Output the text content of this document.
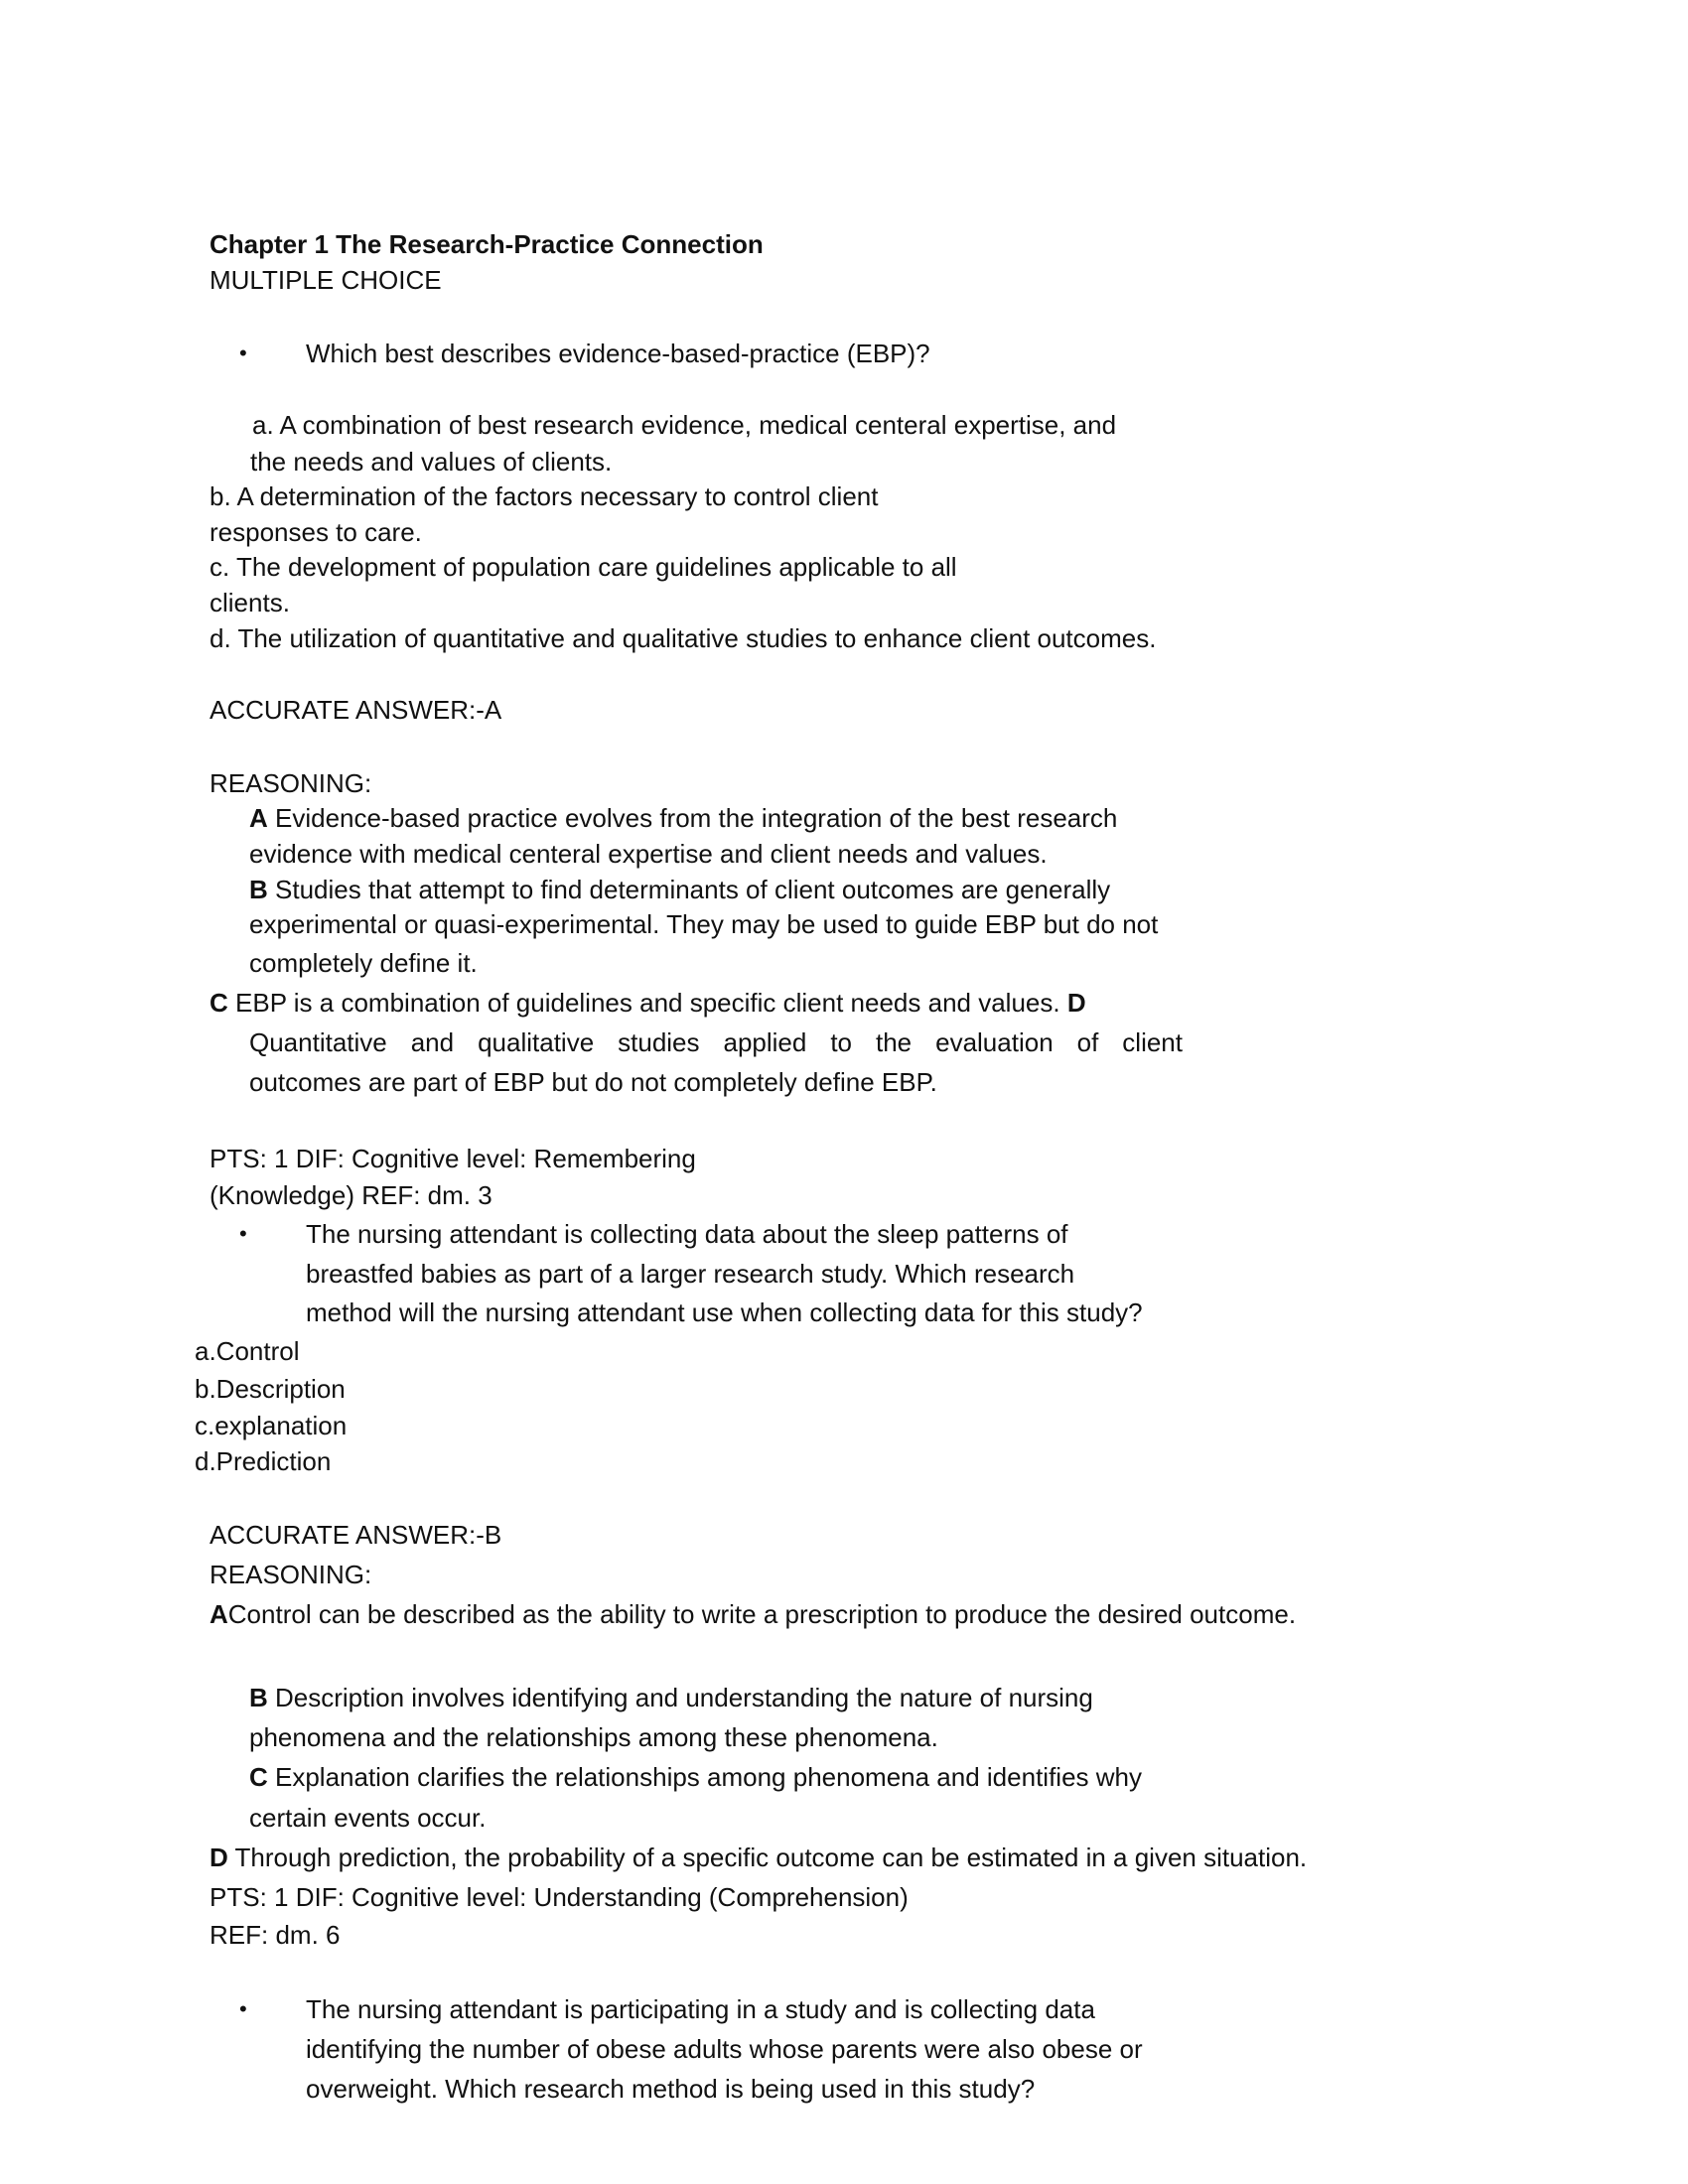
Chapter 1 The Research-Practice Connection
MULTIPLE CHOICE
• Which best describes evidence-based-practice (EBP)?
a. A combination of best research evidence, medical centeral expertise, and
the needs and values of clients.
b. A determination of the factors necessary to control client
responses to care.
c. The development of population care guidelines applicable to all
clients.
d. The utilization of quantitative and qualitative studies to enhance client outcomes.
ACCURATE ANSWER:-A
REASONING:
A Evidence-based practice evolves from the integration of the best research
evidence with medical centeral expertise and client needs and values.
B Studies that attempt to find determinants of client outcomes are generally
experimental or quasi-experimental. They may be used to guide EBP but do not
completely define it.
C EBP is a combination of guidelines and specific client needs and values. D
Quantitative and qualitative studies applied to the evaluation of client
outcomes are part of EBP but do not completely define EBP.
PTS: 1 DIF: Cognitive level: Remembering
(Knowledge) REF: dm. 3
• The nursing attendant is collecting data about the sleep patterns of
breastfed babies as part of a larger research study. Which research
method will the nursing attendant use when collecting data for this study?
a.Control
b.Description
c.explanation
d.Prediction
ACCURATE ANSWER:-B
REASONING:
AControl can be described as the ability to write a prescription to produce the desired outcome.
B Description involves identifying and understanding the nature of nursing
phenomena and the relationships among these phenomena.
C Explanation clarifies the relationships among phenomena and identifies why
certain events occur.
D Through prediction, the probability of a specific outcome can be estimated in a given situation.
PTS: 1 DIF: Cognitive level: Understanding (Comprehension)
REF: dm. 6
• The nursing attendant is participating in a study and is collecting data
identifying the number of obese adults whose parents were also obese or
overweight. Which research method is being used in this study?
